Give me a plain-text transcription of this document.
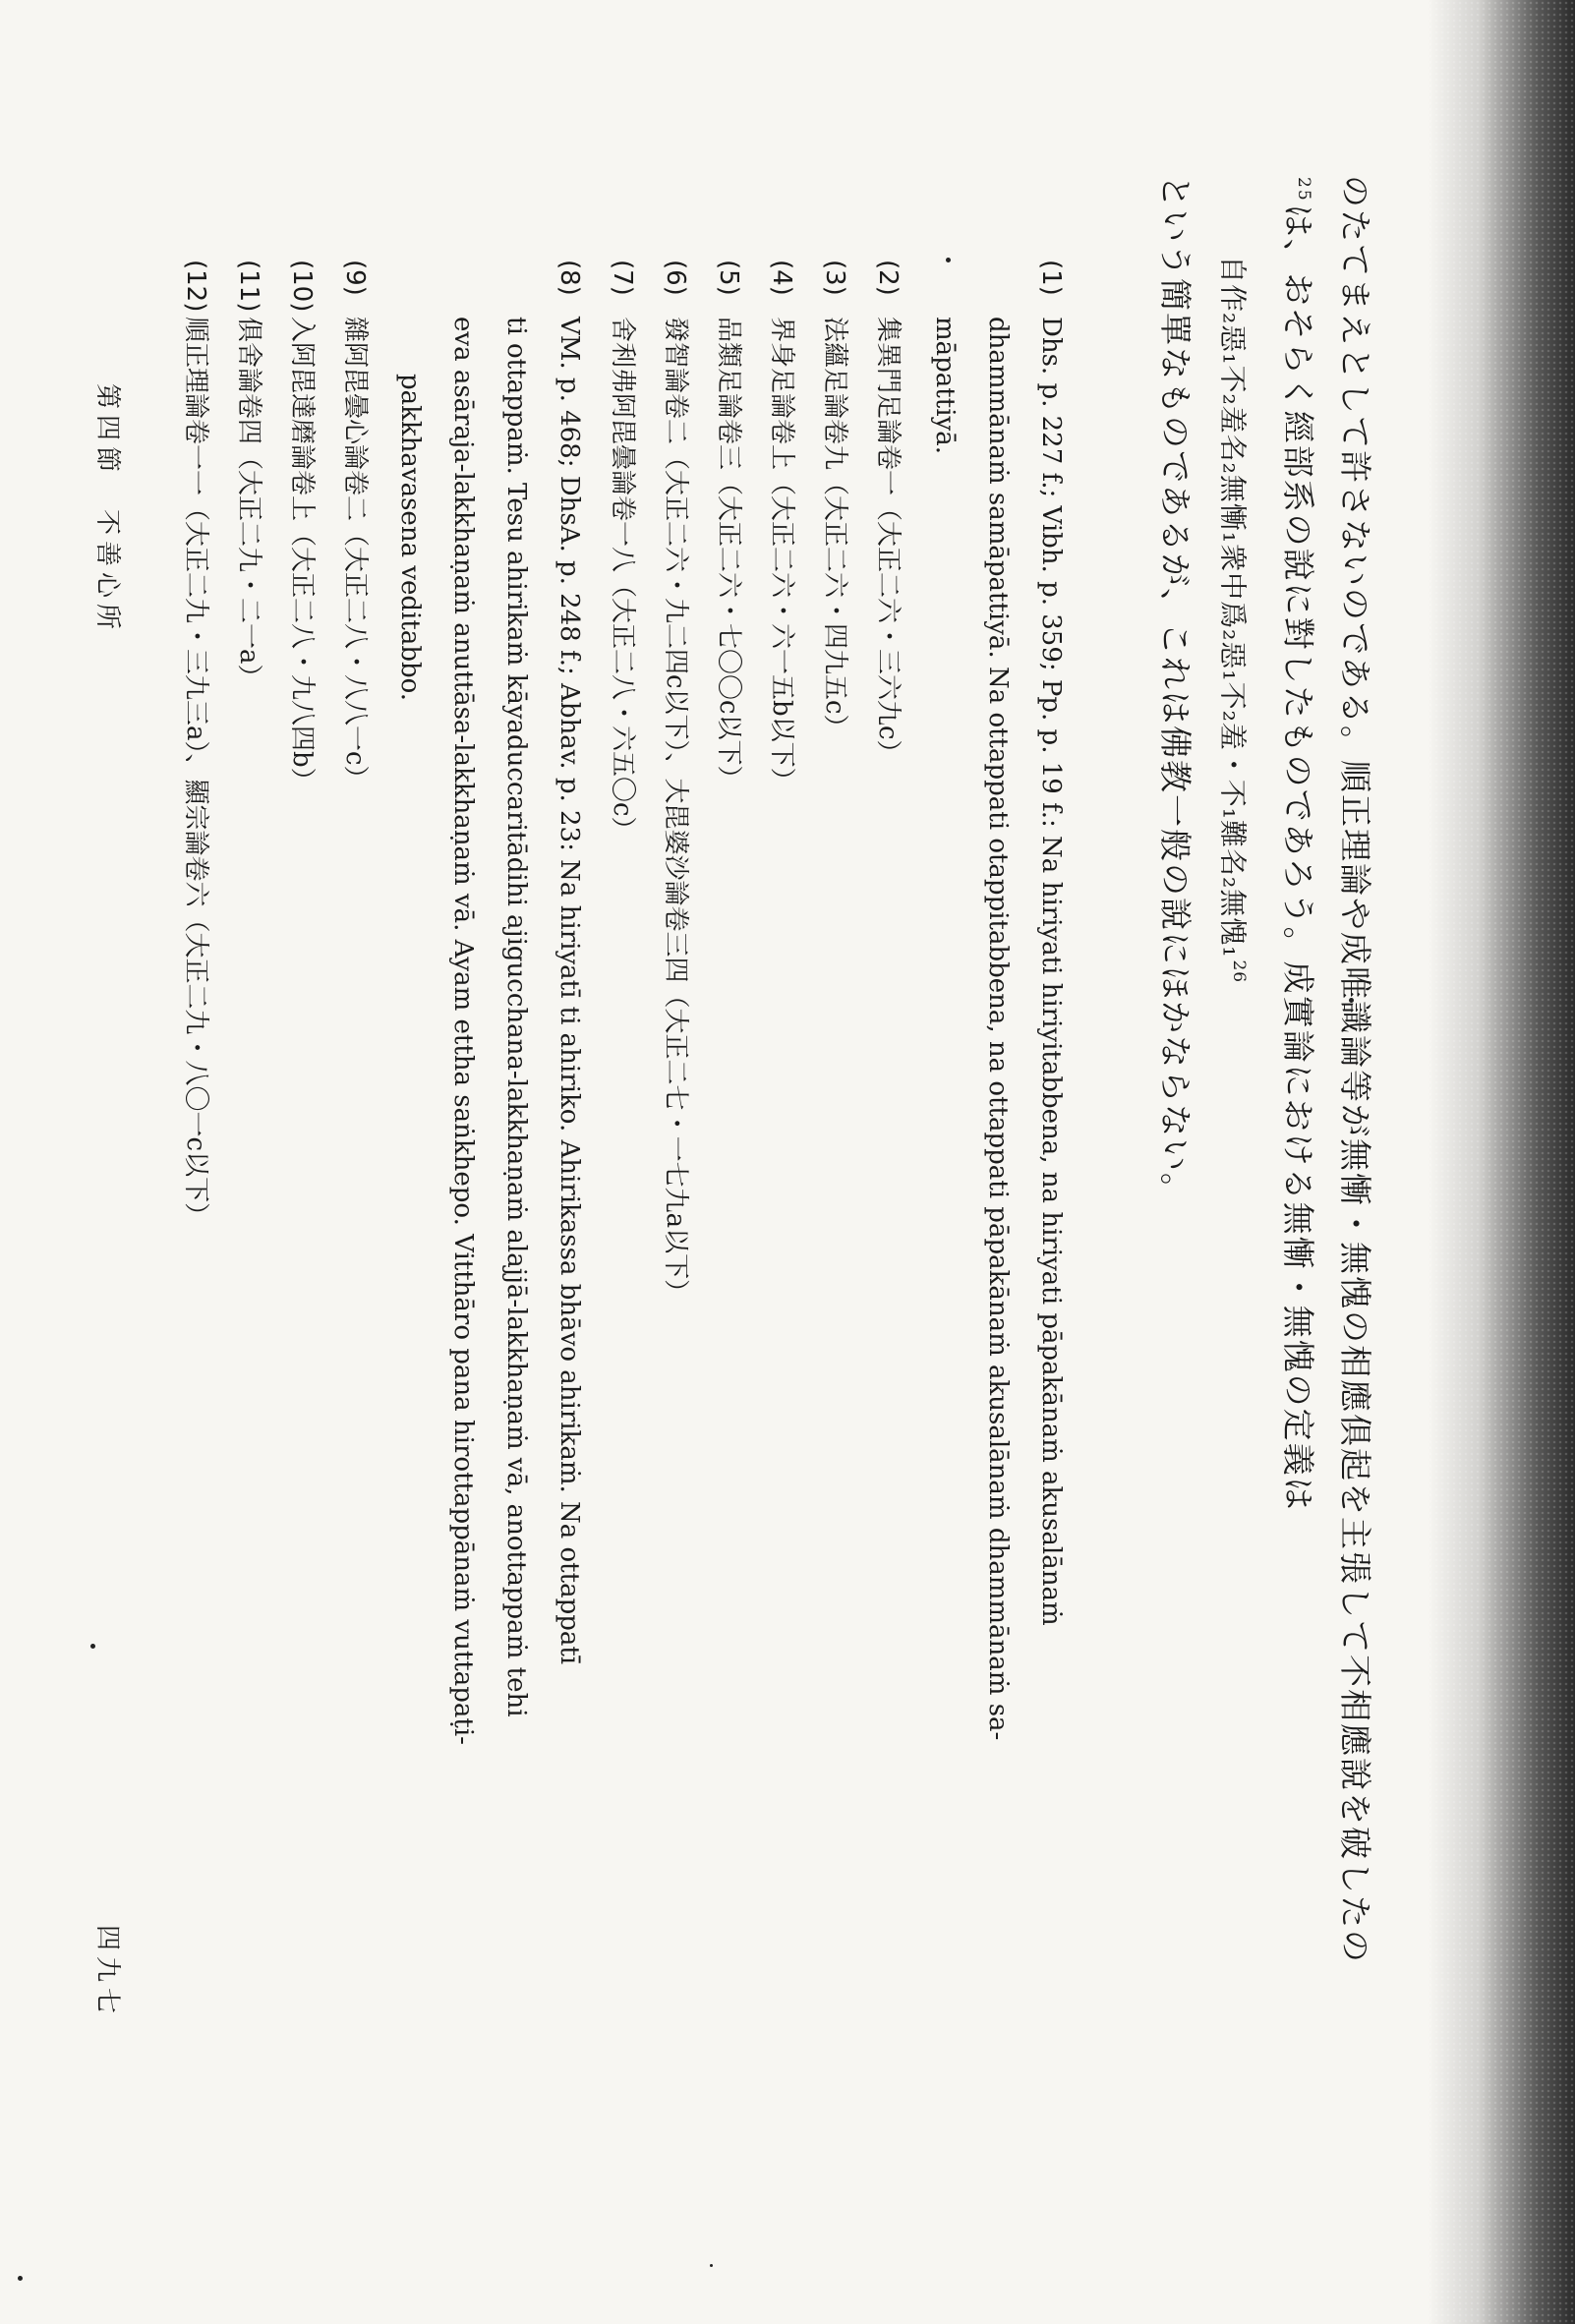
のたてまえとして許さないのである。順正理論や成唯識論等が無慚・無愧の相應俱起を主張して不相應說を破したの
$^{25}$は、おそらく經部系の說に對したものであろう。成實論における無慚・無愧の定義は
自作₂惡₁不₂羞名₂無慚₁衆中爲₂惡₁不₂羞・不₁難名₂無愧₁$^{26}$
という簡單なものであるが、これは佛教一般の說にほかならない。
(1)Dhs. p. 227 f.; Vibh. p. 359; Pp. p. 19 f.: Na hiriyati hiriyitabbena, na hiriyati pāpakānaṁ akusalānaṁ
dhammānaṁ samāpattiyā. Na ottappati otappitabbena, na ottappati pāpakānaṁ akusalānaṁ dhammānaṁ sa-
māpattiyā.
(2)集異門足論卷一（大正二六・三六九c）
(3)法蘊足論卷九（大正二六・四九五c）
(4)界身足論卷上（大正二六・六一五b以下）
(5)品類足論卷三（大正二六・七〇〇c以下）
(6)發智論卷二（大正二六・九二四c以下）、大毘婆沙論卷三四（大正二七・一七九a以下）
(7)舍利弗阿毘曇論卷一八（大正二八・六五〇c）
(8)VM. p. 468; DhsA. p. 248 f.; Abhav. p. 23: Na hiriyatī ti ahiriko. Ahirikassa bhāvo ahirikaṁ. Na ottappatī
ti ottappaṁ. Tesu ahirikaṁ kāyaduccaritādihi ajigucchana-lakkhaṇaṁ alajjā-lakkhaṇaṁ vā, anottappaṁ tehi
eva asāraja-lakkhaṇaṁ anuttāsa-lakkhaṇaṁ vā. Ayam ettha saṅkhepo. Vitthāro pana hirottappānaṁ vuttapaṭi-
pakkhavasena veditabbo.
(9)雜阿毘曇心論卷二（大正二八・八八一c）
(10)入阿毘達磨論卷上（大正二八・九八四b）
(11)俱舍論卷四（大正二九・二一a）
(12)順正理論卷一一（大正二九・三九三a）、顯宗論卷六（大正二九・八〇一c以下）
第四節　不善心所
四九七
